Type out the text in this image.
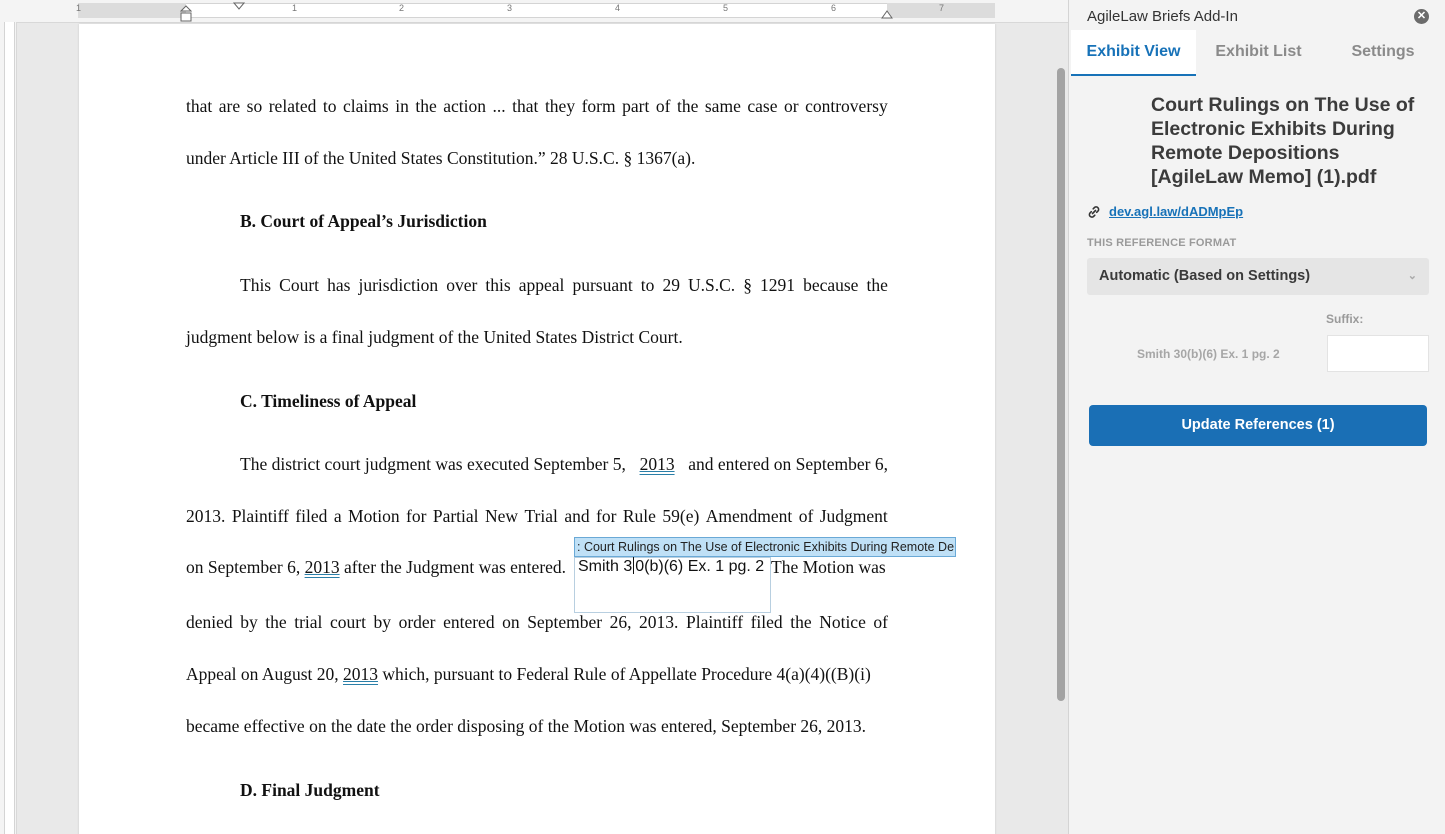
1	1	2	3	4	5	6	7
that are so related to claims in the action ... that they form part of the same case or controversy
under Article III of the United States Constitution.” 28 U.S.C. § 1367(a).
B. Court of Appeal’s Jurisdiction
This Court has jurisdiction over this appeal pursuant to 29 U.S.C. § 1291 because the
judgment below is a final judgment of the United States District Court.
C. Timeliness of Appeal
The district court judgment was executed September 5, 2013 and entered on September 6,
2013. Plaintiff filed a Motion for Partial New Trial and for Rule 59(e) Amendment of Judgment
on September 6, 2013 after the Judgment was entered.
denied by the trial court by order entered on September 26, 2013. Plaintiff filed the Notice of
Appeal on August 20, 2013 which, pursuant to Federal Rule of Appellate Procedure 4(a)(4)((B)(i)
became effective on the date the order disposing of the Motion was entered, September 26, 2013.
D. Final Judgment
: Court Rulings on The Use of Electronic Exhibits During Remote De
Smith 3 0(b)(6) Ex. 1 pg. 2 The Motion was
AgileLaw Briefs Add-In	✕
Exhibit View	Exhibit List	Settings
Court Rulings on The Use of Electronic Exhibits During Remote Depositions [AgileLaw Memo] (1).pdf
dev.agl.law/dADMpEp
THIS REFERENCE FORMAT
Automatic (Based on Settings)	⌄
Suffix:
Smith 30(b)(6) Ex. 1 pg. 2
Update References (1)
